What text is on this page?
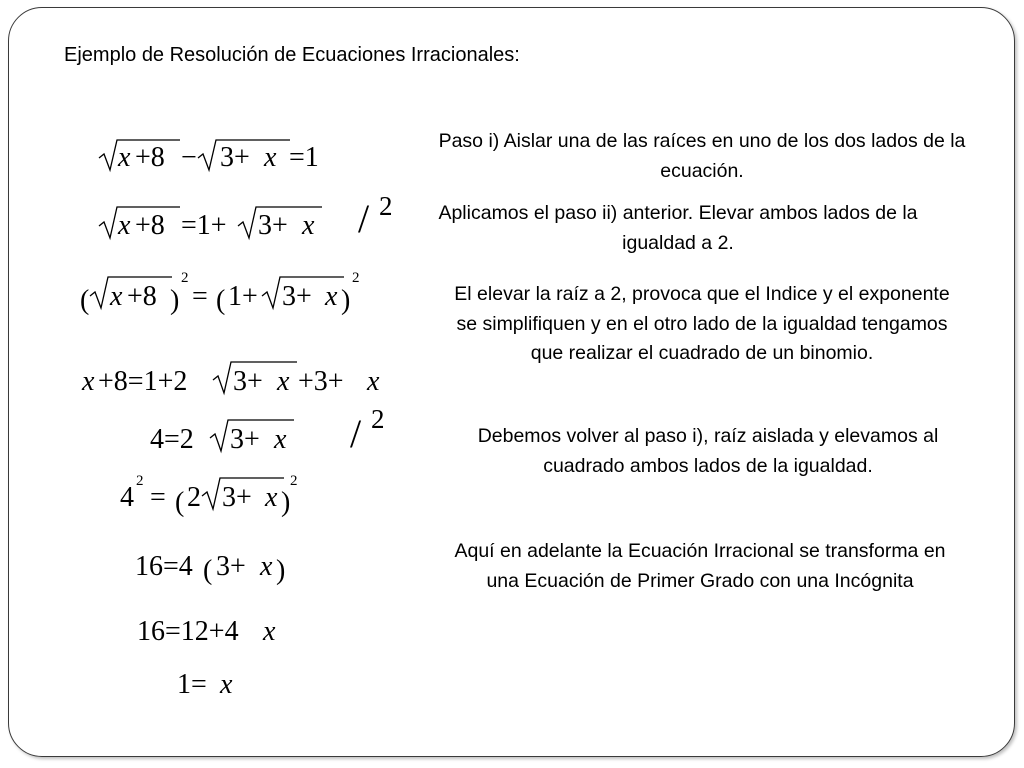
Ejemplo de Resolución de Ecuaciones Irracionales:
Paso i) Aislar una de las raíces en uno de los dos lados de la ecuación.
Aplicamos el paso ii) anterior. Elevar ambos lados de la igualdad a 2.
El elevar la raíz a 2, provoca que el Indice y el exponente se simplifiquen y en el otro lado de la igualdad tengamos que realizar el cuadrado de un binomio.
Debemos volver al paso i), raíz aislada y elevamos al cuadrado ambos lados de la igualdad.
Aquí en adelante la Ecuación Irracional se transforma en una Ecuación de Primer Grado con una Incógnita
/ 2
/ 2
x +8 − 3+ x =1
x +8 =1+ 3+ x
( x +8 )
2
= ( 1+ 3+ x )
2
x +8=1+2 3+ x +3+ x
4=2 3+ x
4
2
= ( 2 3+ x )
2
16=4 ( 3+ x )
16=12+4 x
1= x
